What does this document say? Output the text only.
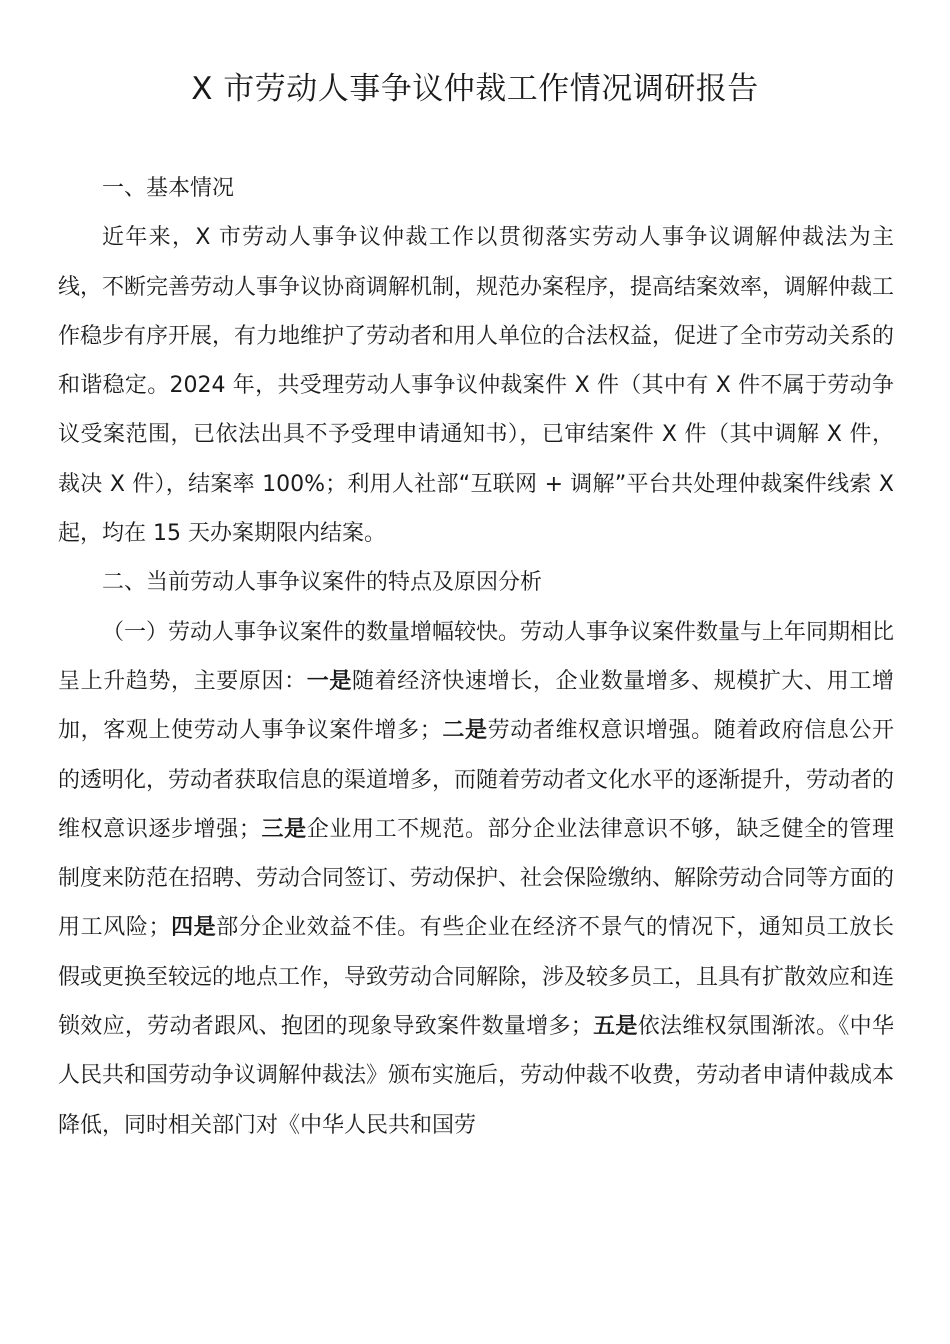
X 市劳动人事争议仲裁工作情况调研报告

一、基本情况

近年来，X 市劳动人事争议仲裁工作以贯彻落实劳动人事争议调解仲裁法为主线，不断完善劳动人事争议协商调解机制，规范办案程序，提高结案效率，调解仲裁工作稳步有序开展，有力地维护了劳动者和用人单位的合法权益，促进了全市劳动关系的和谐稳定。2024 年，共受理劳动人事争议仲裁案件 X 件（其中有 X 件不属于劳动争议受案范围，已依法出具不予受理申请通知书），已审结案件 X 件（其中调解 X 件，裁决 X 件），结案率 100%；利用人社部“互联网 + 调解”平台共处理仲裁案件线索 X 起，均在 15 天办案期限内结案。

二、当前劳动人事争议案件的特点及原因分析

（一）劳动人事争议案件的数量增幅较快。劳动人事争议案件数量与上年同期相比呈上升趋势，主要原因：一是随着经济快速增长，企业数量增多、规模扩大、用工增加，客观上使劳动人事争议案件增多；二是劳动者维权意识增强。随着政府信息公开的透明化，劳动者获取信息的渠道增多，而随着劳动者文化水平的逐渐提升，劳动者的维权意识逐步增强；三是企业用工不规范。部分企业法律意识不够，缺乏健全的管理制度来防范在招聘、劳动合同签订、劳动保护、社会保险缴纳、解除劳动合同等方面的用工风险；四是部分企业效益不佳。有些企业在经济不景气的情况下，通知员工放长假或更换至较远的地点工作，导致劳动合同解除，涉及较多员工，且具有扩散效应和连锁效应，劳动者跟风、抱团的现象导致案件数量增多；五是依法维权氛围渐浓。《中华人民共和国劳动争议调解仲裁法》颁布实施后，劳动仲裁不收费，劳动者申请仲裁成本降低，同时相关部门对《中华人民共和国劳
